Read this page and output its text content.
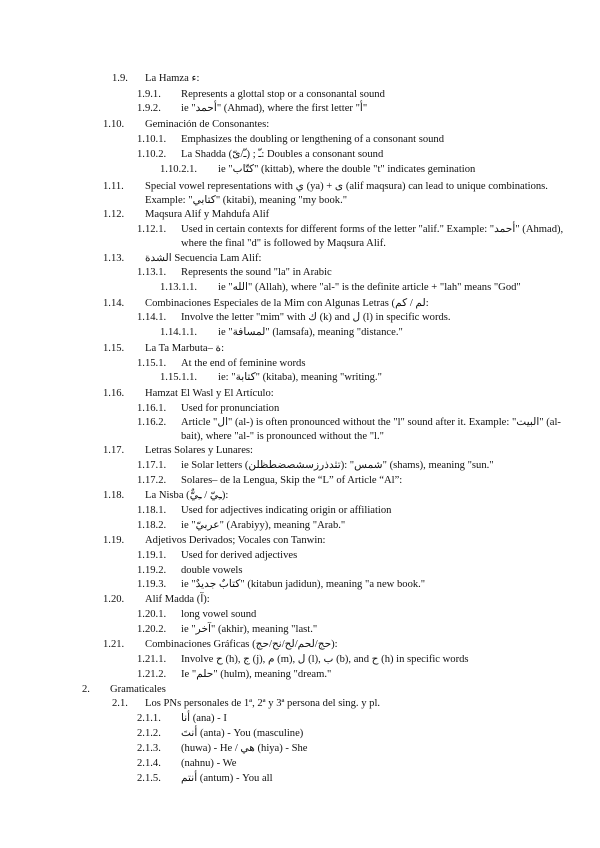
1.9. La Hamza ء:
1.9.1. Represents a glottal stop or a consonantal sound
1.9.2. ie "أحمد" (Ahmad), where the first letter "أ"
1.10. Geminación de Consonantes:
1.10.1. Emphasizes the doubling or lengthening of a consonant sound
1.10.2. La Shadda (ـّ/ىّ) ; ـّ: Doubles a consonant sound
1.10.2.1. ie "كتّاب" (kittab), where the double "t" indicates gemination
1.11. Special vowel representations with ي (ya) + ى (alif maqsura) can lead to unique combinations. Example: "كتابي" (kitabi), meaning "my book."
1.12. Maqsura Alif y Mahdufa Alif
1.12.1. Used in certain contexts for different forms of the letter "alif." Example: "أحمد" (Ahmad), where the final "d" is followed by Maqsura Alif.
1.13. الشدة Secuencia Lam Alif:
1.13.1. Represents the sound "la" in Arabic
1.13.1.1. ie "الله" (Allah), where "al-" is the definite article + "lah" means "God"
1.14. Combinaciones Especiales de la Mim con Algunas Letras (لم / كم:
1.14.1. Involve the letter "mim" with ك (k) and ل (l) in specific words.
1.14.1.1. ie "لمسافة" (lamsafa), meaning "distance."
1.15. La Ta Marbuta– ة:
1.15.1. At the end of feminine words
1.15.1.1. ie: "كتابة" (kitaba), meaning "writing."
1.16. Hamzat El Wasl y El Artículo:
1.16.1. Used for pronunciation
1.16.2. Article "ال" (al-) is often pronounced without the "l" sound after it. Example: "البيت" (al-bait), where "al-" is pronounced without the "l."
1.17. Letras Solares y Lunares:
1.17.1. ie Solar letters (تثدذرزسشصضطظلن): "شمس" (shams), meaning "sun."
1.17.2. Solares– de la Lengua, Skip the “L” of Article “Al”:
1.18. La Nisba (ـِيّ / ـِيٌّ):
1.18.1. Used for adjectives indicating origin or affiliation
1.18.2. ie "عربيّ" (Arabiyy), meaning "Arab."
1.19. Adjetivos Derivados; Vocales con Tanwin:
1.19.1. Used for derived adjectives
1.19.2. double vowels
1.19.3. ie "كتابٌ جديدٌ" (kitabun jadidun), meaning "a new book."
1.20. Alif Madda (آ):
1.20.1. long vowel sound
1.20.2. ie "آخر" (akhir), meaning "last."
1.21. Combinaciones Gráficas (حج/لحم/لح/نح/حج):
1.21.1. Involve ح (h), ج (j), م (m), ل (l), ب (b), and ح (h) in specific words
1.21.2. Ie "حلم" (hulm), meaning "dream."
2. Gramaticales
2.1. Los PNs personales de 1ª, 2ª y 3ª persona del sing. y pl.
2.1.1. أنا (ana) - I
2.1.2. أنتَ (anta) - You (masculine)
2.1.3. (huwa) - He / هي (hiya) - She
2.1.4. (nahnu) - We
2.1.5. أنتم (antum) - You all
